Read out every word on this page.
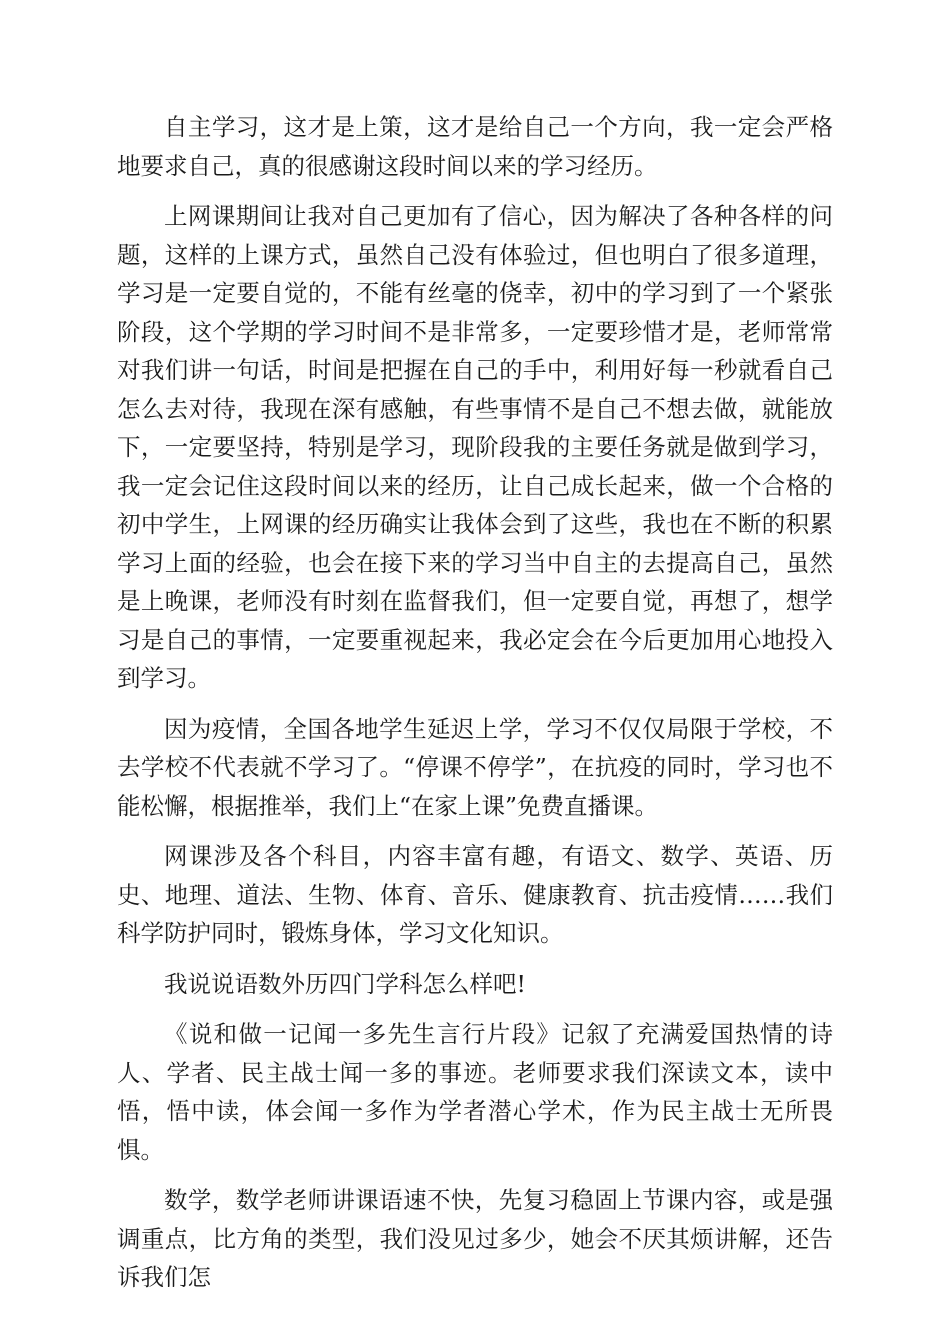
自主学习，这才是上策，这才是给自己一个方向，我一定会严格地要求自己，真的很感谢这段时间以来的学习经历。

上网课期间让我对自己更加有了信心，因为解决了各种各样的问题，这样的上课方式，虽然自己没有体验过，但也明白了很多道理，学习是一定要自觉的，不能有丝毫的侥幸，初中的学习到了一个紧张阶段，这个学期的学习时间不是非常多，一定要珍惜才是，老师常常对我们讲一句话，时间是把握在自己的手中，利用好每一秒就看自己怎么去对待，我现在深有感触，有些事情不是自己不想去做，就能放下，一定要坚持，特别是学习，现阶段我的主要任务就是做到学习，我一定会记住这段时间以来的经历，让自己成长起来，做一个合格的初中学生，上网课的经历确实让我体会到了这些，我也在不断的积累学习上面的经验，也会在接下来的学习当中自主的去提高自己，虽然是上晚课，老师没有时刻在监督我们，但一定要自觉，再想了，想学习是自己的事情，一定要重视起来，我必定会在今后更加用心地投入到学习。

因为疫情，全国各地学生延迟上学，学习不仅仅局限于学校，不去学校不代表就不学习了。“停课不停学”，在抗疫的同时，学习也不能松懈，根据推举，我们上“在家上课”免费直播课。

网课涉及各个科目，内容丰富有趣，有语文、数学、英语、历史、地理、道法、生物、体育、音乐、健康教育、抗击疫情……我们科学防护同时，锻炼身体，学习文化知识。

我说说语数外历四门学科怎么样吧!

《说和做一记闻一多先生言行片段》记叙了充满爱国热情的诗人、学者、民主战士闻一多的事迹。老师要求我们深读文本，读中悟，悟中读，体会闻一多作为学者潜心学术，作为民主战士无所畏惧。

数学，数学老师讲课语速不快，先复习稳固上节课内容，或是强调重点，比方角的类型，我们没见过多少，她会不厌其烦讲解，还告诉我们怎
